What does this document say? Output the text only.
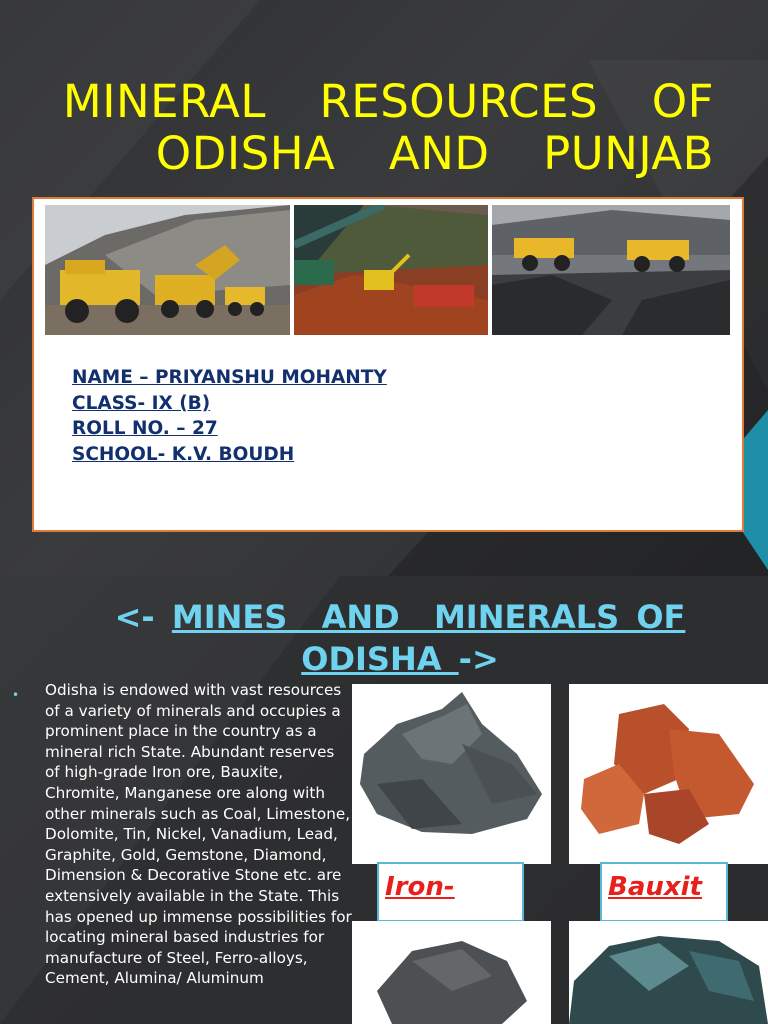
MINERAL  RESOURCES  OF
ODISHA  AND  PUNJAB
NAME – PRIYANSHU MOHANTY
CLASS- IX (B)
ROLL NO. – 27
SCHOOL- K.V. BOUDH
<- MINES  AND  MINERALS OF
ODISHA ->
• Odisha is endowed with vast resources of a variety of minerals and occupies a prominent place in the country as a mineral rich State. Abundant reserves of high-grade Iron ore, Bauxite, Chromite, Manganese ore along with other minerals such as Coal, Limestone, Dolomite, Tin, Nickel, Vanadium, Lead, Graphite, Gold, Gemstone, Diamond, Dimension & Decorative Stone etc. are extensively available in the State. This has opened up immense possibilities for locating mineral based industries for manufacture of Steel, Ferro-alloys, Cement, Alumina/ Aluminum
Iron-	Bauxit
